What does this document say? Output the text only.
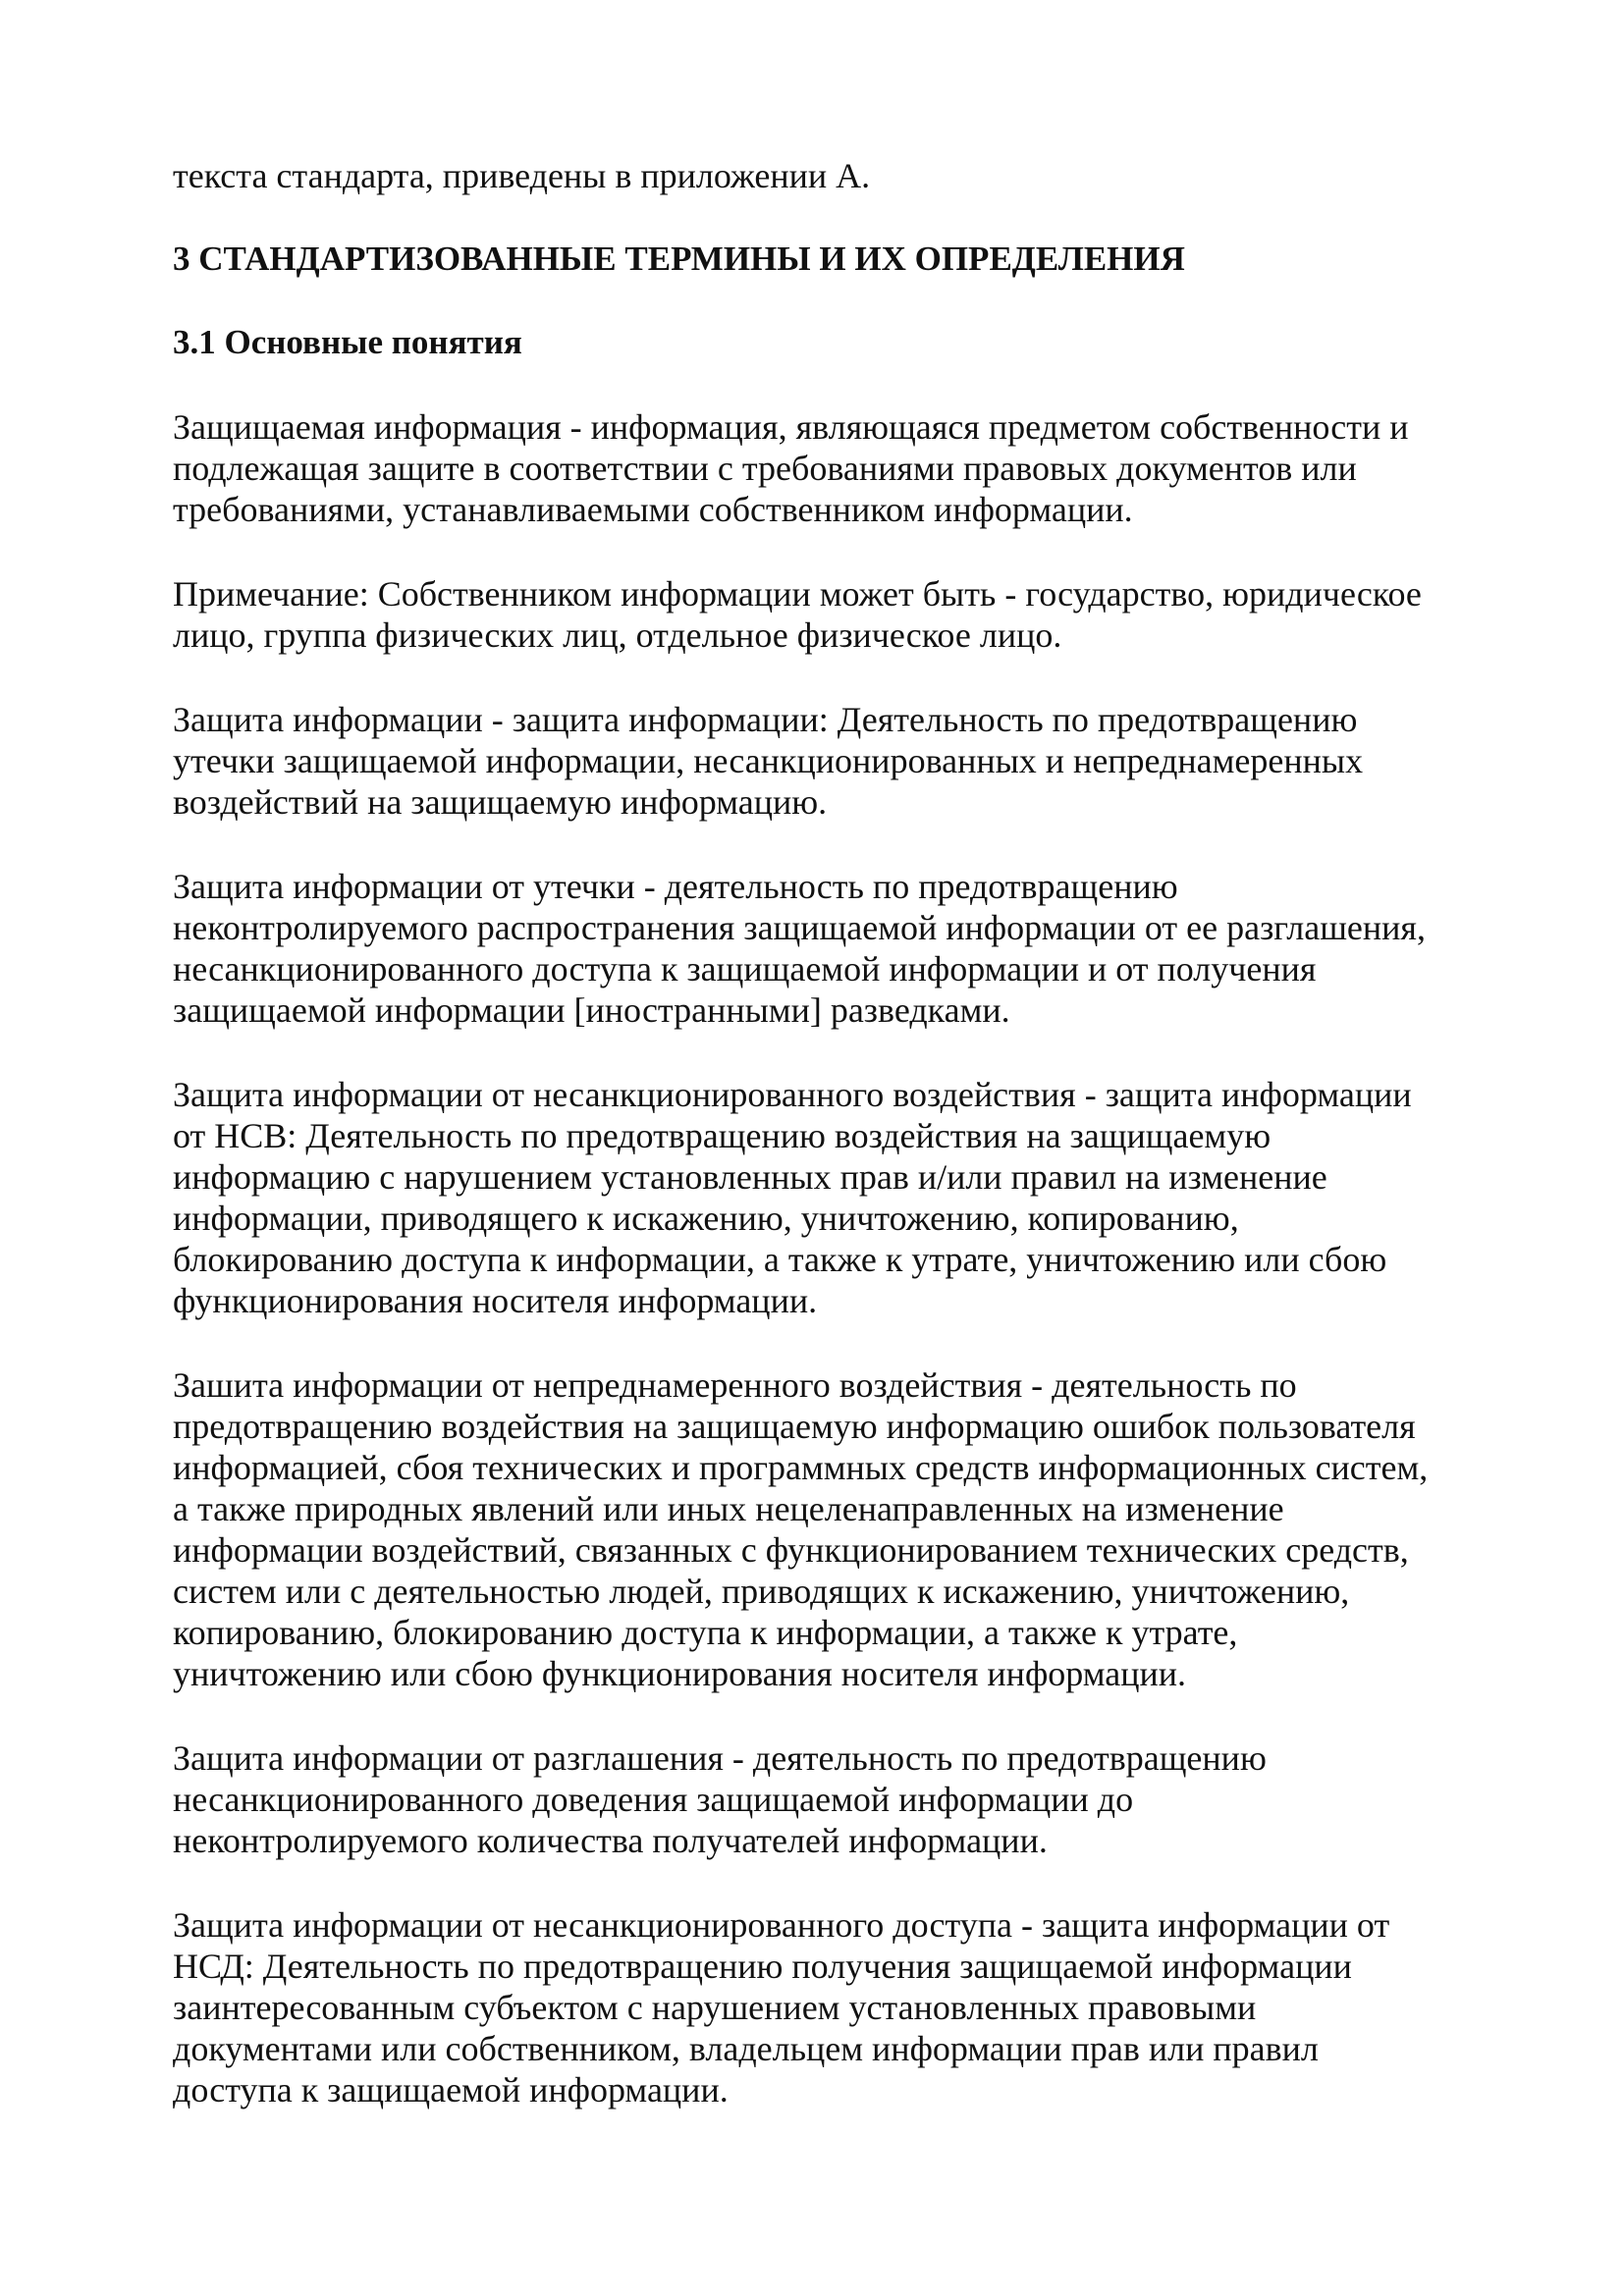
текста стандарта, приведены в приложении А.

3 СТАНДАРТИЗОВАННЫЕ ТЕРМИНЫ И ИХ ОПРЕДЕЛЕНИЯ
3.1 Основные понятия

Защищаемая информация - информация, являющаяся предметом собственности и

подлежащая защите в соответствии с требованиями правовых документов или

требованиями, устанавливаемыми собственником информации.

Примечание: Собственником информации может быть - государство, юридическое

лицо, группа физических лиц, отдельное физическое лицо.

Защита информации - защита информации: Деятельность по предотвращению

утечки защищаемой информации, несанкционированных и непреднамеренных

воздействий на защищаемую информацию.

Защита информации от утечки - деятельность по предотвращению

неконтролируемого распространения защищаемой информации от ее разглашения,

несанкционированного доступа к защищаемой информации и от получения

защищаемой информации [иностранными] разведками.

Защита информации от несанкционированного воздействия - защита информации

от НСВ: Деятельность по предотвращению воздействия на защищаемую

информацию с нарушением установленных прав и/или правил на изменение

информации, приводящего к искажению, уничтожению, копированию,

блокированию доступа к информации, а также к утрате, уничтожению или сбою

функционирования носителя информации.

Зашита информации от непреднамеренного воздействия - деятельность по

предотвращению воздействия на защищаемую информацию ошибок пользователя

информацией, сбоя технических и программных средств информационных систем,

а также природных явлений или иных нецеленаправленных на изменение

информации воздействий, связанных с функционированием технических средств,

систем или с деятельностью людей, приводящих к искажению, уничтожению,

копированию, блокированию доступа к информации, а также к утрате,

уничтожению или сбою функционирования носителя информации.

Защита информации от разглашения - деятельность по предотвращению

несанкционированного доведения защищаемой информации до

неконтролируемого количества получателей информации.

Защита информации от несанкционированного доступа - защита информации от

НСД: Деятельность по предотвращению получения защищаемой информации

заинтересованным субъектом с нарушением установленных правовыми

документами или собственником, владельцем информации прав или правил

доступа к защищаемой информации.
